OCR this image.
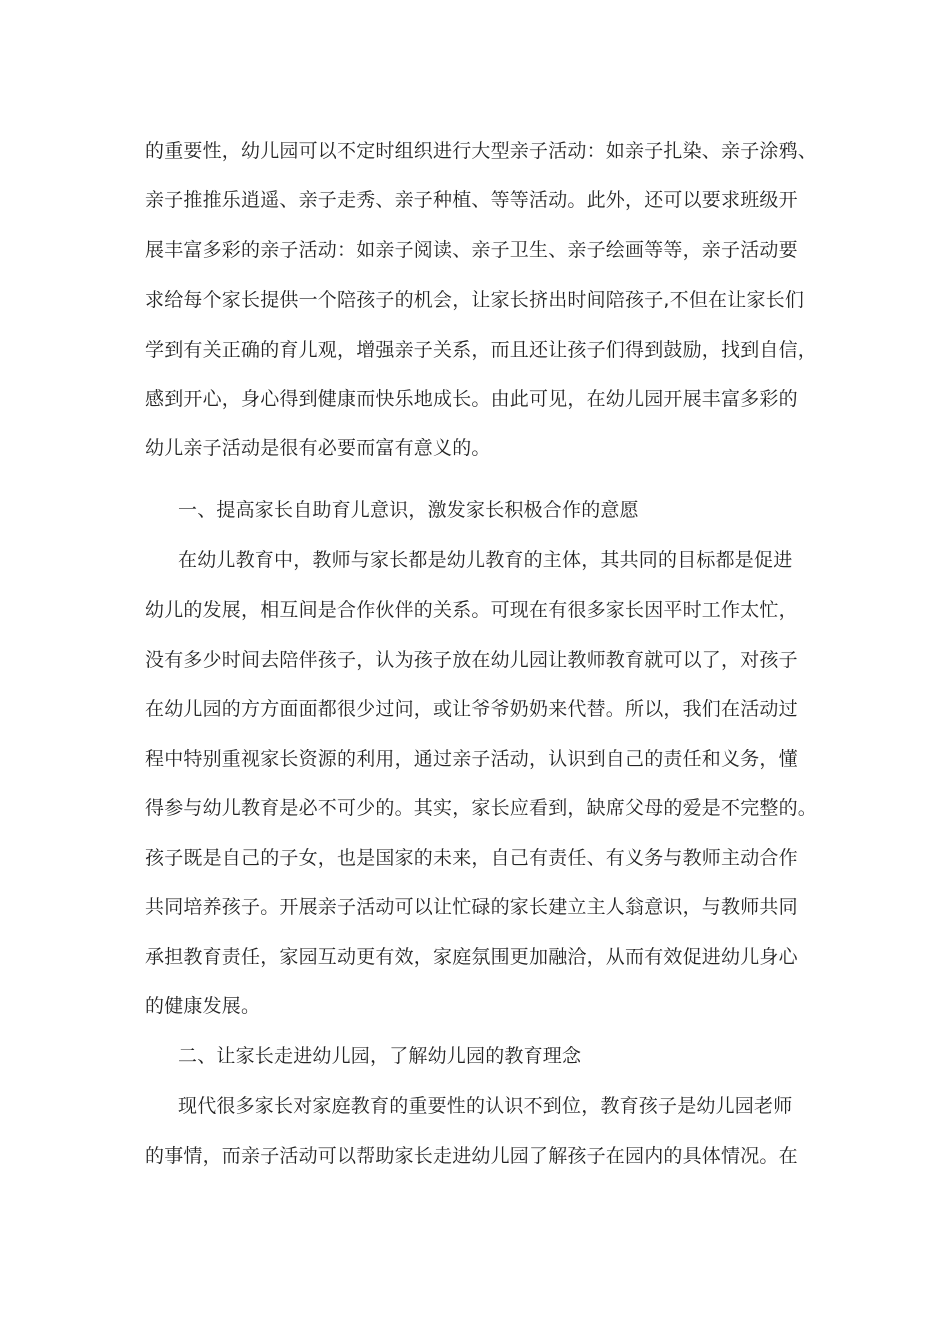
的重要性，幼儿园可以不定时组织进行大型亲子活动：如亲子扎染、亲子涂鸦、
亲子推推乐逍遥、亲子走秀、亲子种植、等等活动。此外，还可以要求班级开
展丰富多彩的亲子活动：如亲子阅读、亲子卫生、亲子绘画等等，亲子活动要
求给每个家长提供一个陪孩子的机会，让家长挤出时间陪孩子,不但在让家长们
学到有关正确的育儿观，增强亲子关系，而且还让孩子们得到鼓励，找到自信，
感到开心，身心得到健康而快乐地成长。由此可见，在幼儿园开展丰富多彩的
幼儿亲子活动是很有必要而富有意义的。
一、提高家长自助育儿意识，激发家长积极合作的意愿
在幼儿教育中，教师与家长都是幼儿教育的主体，其共同的目标都是促进
幼儿的发展，相互间是合作伙伴的关系。可现在有很多家长因平时工作太忙，
没有多少时间去陪伴孩子，认为孩子放在幼儿园让教师教育就可以了，对孩子
在幼儿园的方方面面都很少过问，或让爷爷奶奶来代替。所以，我们在活动过
程中特别重视家长资源的利用，通过亲子活动，认识到自己的责任和义务，懂
得参与幼儿教育是必不可少的。其实，家长应看到，缺席父母的爱是不完整的。
孩子既是自己的子女，也是国家的未来，自己有责任、有义务与教师主动合作
共同培养孩子。开展亲子活动可以让忙碌的家长建立主人翁意识，与教师共同
承担教育责任，家园互动更有效，家庭氛围更加融洽，从而有效促进幼儿身心
的健康发展。
二、让家长走进幼儿园，了解幼儿园的教育理念
现代很多家长对家庭教育的重要性的认识不到位，教育孩子是幼儿园老师
的事情，而亲子活动可以帮助家长走进幼儿园了解孩子在园内的具体情况。在
